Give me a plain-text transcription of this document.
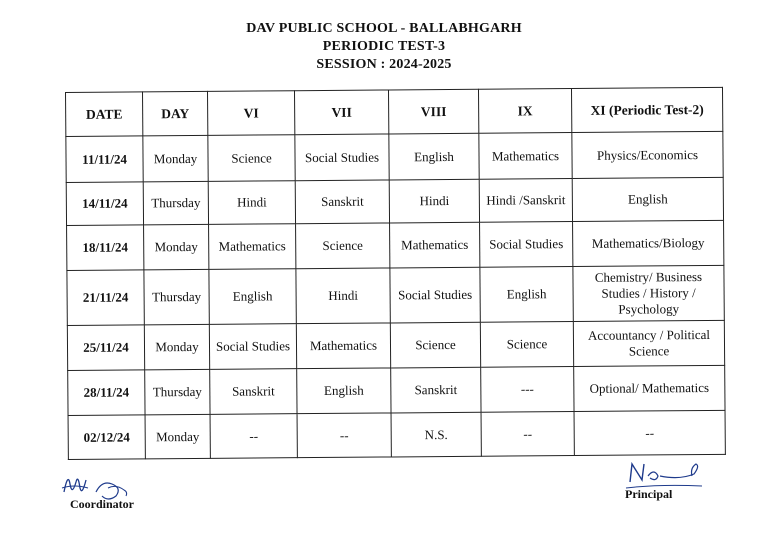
DAV PUBLIC SCHOOL - BALLABHGARH
PERIODIC TEST-3
SESSION : 2024-2025
DATE	DAY	VI	VII	VIII	IX	XI (Periodic Test-2)
11/11/24	Monday	Science	Social Studies	English	Mathematics	Physics/Economics
14/11/24	Thursday	Hindi	Sanskrit	Hindi	Hindi /Sanskrit	English
18/11/24	Monday	Mathematics	Science	Mathematics	Social Studies	Mathematics/Biology
21/11/24	Thursday	English	Hindi	Social Studies	English	Chemistry/ Business Studies / History / Psychology
25/11/24	Monday	Social Studies	Mathematics	Science	Science	Accountancy / Political Science
28/11/24	Thursday	Sanskrit	English	Sanskrit	---	Optional/ Mathematics
02/12/24	Monday	--	--	N.S.	--	--
Coordinator
Principal
